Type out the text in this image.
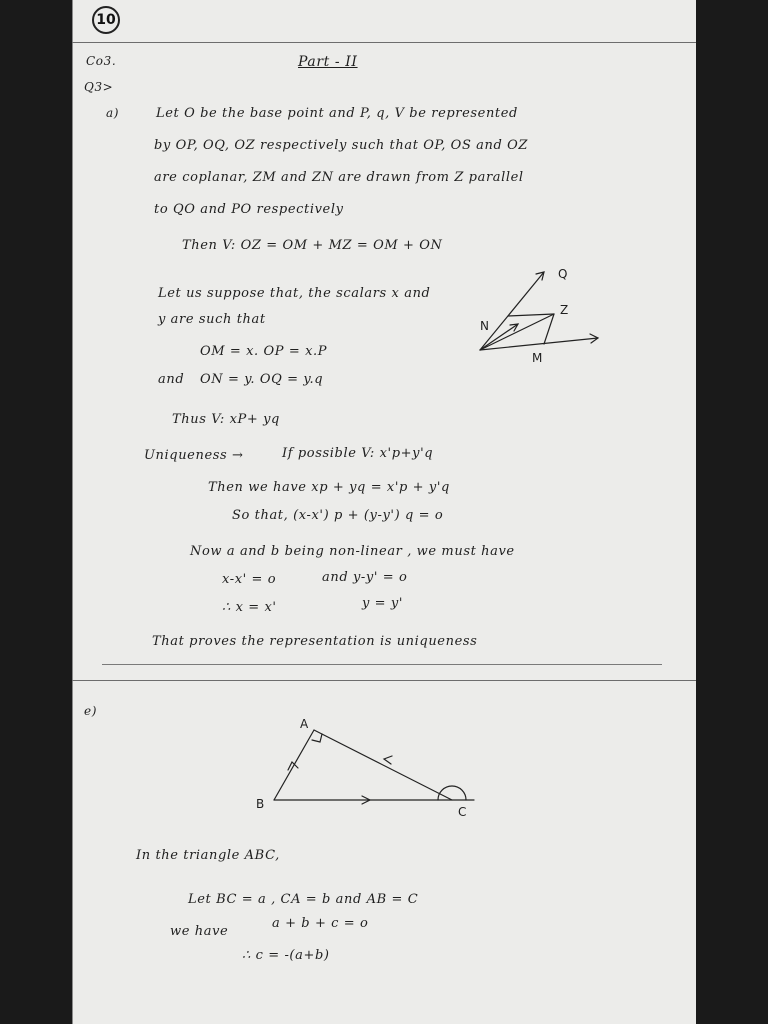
10
Co3.
Q3>
a)
Part - II
Let O be the base point and P, q, V be represented
by OP, OQ, OZ respectively such that OP, OS and OZ
are coplanar, ZM and ZN are drawn from Z parallel
to QO and PO respectively
Then V: OZ = OM + MZ = OM + ON
Let us suppose that, the scalars x and
y are such that
OM = x. OP = x.P
and ON = y. OQ = y.q
Thus V: xP+ yq
Uniqueness →	If possible V: x'p+y'q
Then we have xp + yq = x'p + y'q
So that, (x-x') p + (y-y') q = o
Now a and b being non-linear , we must have
x-x' = o	and y-y' = o
∴ x = x'	y = y'
That proves the representation is uniqueness
Q
Z
N
M
e)
A
B
C
In the triangle ABC,
Let BC = a , CA = b and AB = C
we have
a + b + c = o
∴ c = -(a+b)
